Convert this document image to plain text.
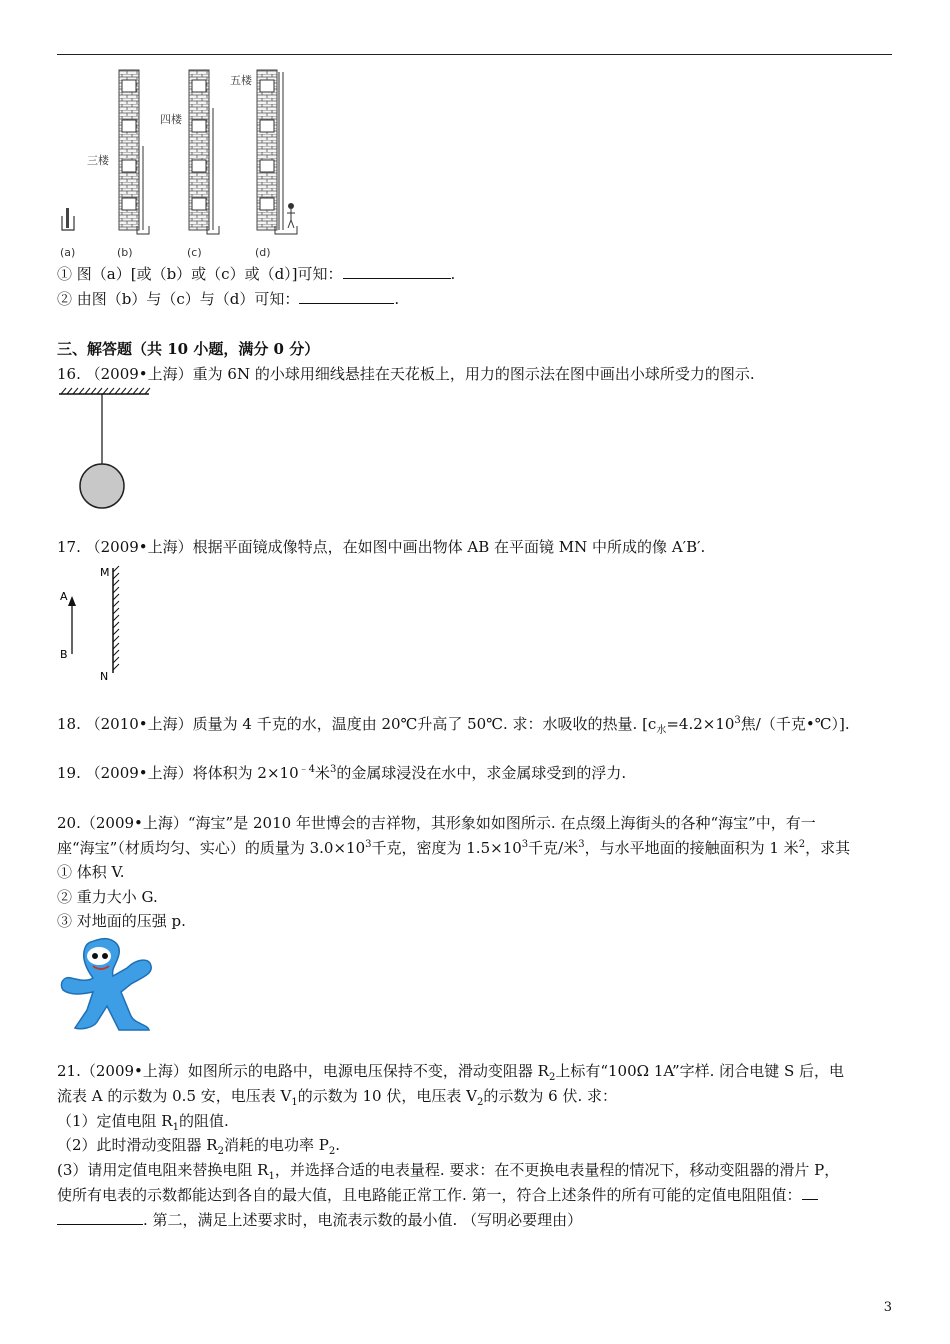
三楼
四楼
五楼
(a)	(b)	(c)	(d)
① 图（a）[或（b）或（c）或（d）]可知：	.
② 由图（b）与（c）与（d）可知：	.
三、解答题（共 10 小题，满分 0 分）
16. （2009•上海）重为 6N 的小球用细线悬挂在天花板上，用力的图示法在图中画出小球所受力的图示.
17. （2009•上海）根据平面镜成像特点，在如图中画出物体 AB 在平面镜 MN 中所成的像 A′B′.
A
B
M
N
18. （2010•上海）质量为 4 千克的水，温度由 20℃升高了 50℃. 求：水吸收的热量. [$c_水=4.2\times 10^3$焦/（千克•℃）].
19. （2009•上海）将体积为 $2\times 10^{﹣4}$米$^3$的金属球浸没在水中，求金属球受到的浮力.
20.（2009•上海）“海宝”是 2010 年世博会的吉祥物，其形象如如图所示. 在点缀上海街头的各种“海宝”中，有一
座“海宝”（材质均匀、实心）的质量为 $3.0\times 10^3$千克，密度为 $1.5\times 10^3$千克/米$^3$，与水平地面的接触面积为 1 米$^2$，求其
① 体积 V.
② 重力大小 G.
③ 对地面的压强 p.
21.（2009•上海）如图所示的电路中，电源电压保持不变，滑动变阻器 $R_2$上标有“100Ω 1A”字样. 闭合电键 S 后，电
流表 A 的示数为 0.5 安，电压表 $V_1$的示数为 10 伏，电压表 $V_2$的示数为 6 伏. 求：
（1）定值电阻 $R_1$的阻值.
（2）此时滑动变阻器 $R_2$消耗的电功率 $P_2$.
(3）请用定值电阻来替换电阻 $R_1$，并选择合适的电表量程. 要求：在不更换电表量程的情况下，移动变阻器的滑片 P，
使所有电表的示数都能达到各自的最大值，且电路能正常工作. 第一，符合上述条件的所有可能的定值电阻阻值：
. 第二，满足上述要求时，电流表示数的最小值. （写明必要理由）
3
